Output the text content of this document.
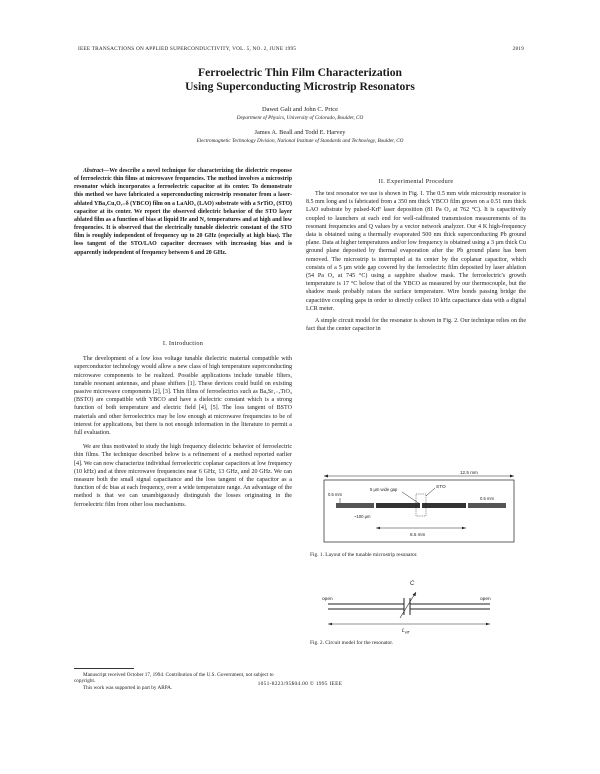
IEEE TRANSACTIONS ON APPLIED SUPERCONDUCTIVITY, VOL. 5, NO. 2, JUNE 1995	2819
Ferroelectric Thin Film Characterization
Using Superconducting Microstrip Resonators
Dawei Galt and John C. Price
Department of Physics, University of Colorado, Boulder, CO
James A. Beall and Todd E. Harvey
Electromagnetic Technology Division, National Institute of Standards and Technology, Boulder, CO

Abstract—We describe a novel technique for characterizing the dielectric response of ferroelectric thin films at microwave frequencies. The method involves a microstrip resonator which incorporates a ferroelectric capacitor at its center. To demonstrate this method we have fabricated a superconducting microstrip resonator from a laser-ablated YBa₂Cu₃O₇₋δ (YBCO) film on a LaAlO₃ (LAO) substrate with a SrTiO₃ (STO) capacitor at its center. We report the observed dielectric behavior of the STO layer ablated film as a function of bias at liquid He and N₂ temperatures and at high and low frequencies. It is observed that the electrically tunable dielectric constant of the STO film is roughly independent of frequency up to 20 GHz (especially at high bias). The loss tangent of the STO/LAO capacitor decreases with increasing bias and is apparently independent of frequency between 6 and 20 GHz.

I. Introduction

The development of a low loss voltage tunable dielectric material compatible with superconductor technology would allow a new class of high temperature superconducting microwave components to be realized. Possible applications include tunable filters, tunable resonant antennas, and phase shifters [1]. These devices could build on existing passive microwave components [2], [3]. Thin films of ferroelectrics such as BaₓSr₁₋ₓTiO₃ (BSTO) are compatible with YBCO and have a dielectric constant which is a strong function of both temperature and electric field [4], [5]. The loss tangent of BSTO materials and other ferroelectrics may be low enough at microwave frequencies to be of interest for applications, but there is not enough information in the literature to permit a full evaluation.

We are thus motivated to study the high frequency dielectric behavior of ferroelectric thin films. The technique described below is a refinement of a method reported earlier [4]. We can now characterize individual ferroelectric coplanar capacitors at low frequency (10 kHz) and at three microwave frequencies near 6 GHz, 13 GHz, and 20 GHz. We can measure both the small signal capacitance and the loss tangent of the capacitor as a function of dc bias at each frequency, over a wide temperature range. An advantage of the method is that we can unambiguously distinguish the losses originating in the ferroelectric film from other loss mechanisms.

Manuscript received October 17, 1994. Contribution of the U.S. Government, not subject to copyright.
This work was supported in part by ARPA.
II. Experimental Procedure

The test resonator we use is shown in Fig. 1. The 0.5 mm wide microstrip resonator is 8.5 mm long and is fabricated from a 350 nm thick YBCO film grown on a 0.51 mm thick LAO substrate by pulsed-KrF laser deposition (81 Pa O₂ at 762 °C). It is capacitively coupled to launchers at each end for well-calibrated transmission measurements of its resonant frequencies and Q values by a vector network analyzer. Our 4 K high-frequency data is obtained using a thermally evaporated 500 nm thick superconducting Pb ground plane. Data at higher temperatures and/or low frequency is obtained using a 3 µm thick Cu ground plane deposited by thermal evaporation after the Pb ground plane has been removed. The microstrip is interrupted at its center by the coplanar capacitor, which consists of a 5 µm wide gap covered by the ferroelectric film deposited by laser ablation (54 Pa O₂ at 745 °C) using a sapphire shadow mask. The ferroelectric's growth temperature is 17 °C below that of the YBCO as measured by our thermocouple, but the shadow mask probably raises the surface temperature. Wire bonds passing bridge the capacitive coupling gaps in order to directly collect 10 kHz capacitance data with a digital LCR meter.

A simple circuit model for the resonator is shown in Fig. 2. Our technique relies on the fact that the center capacitor in

12.5 mm
STO
5 µm wide gap
0.5 mm
8.5 mm
0.5 mm
~100 µm
Fig. 1. Layout of the tunable microstrip resonator.
C
open	open
$L_{eff}$
Fig. 2. Circuit model for the resonator.
1051-8223/95$04.00 © 1995 IEEE
